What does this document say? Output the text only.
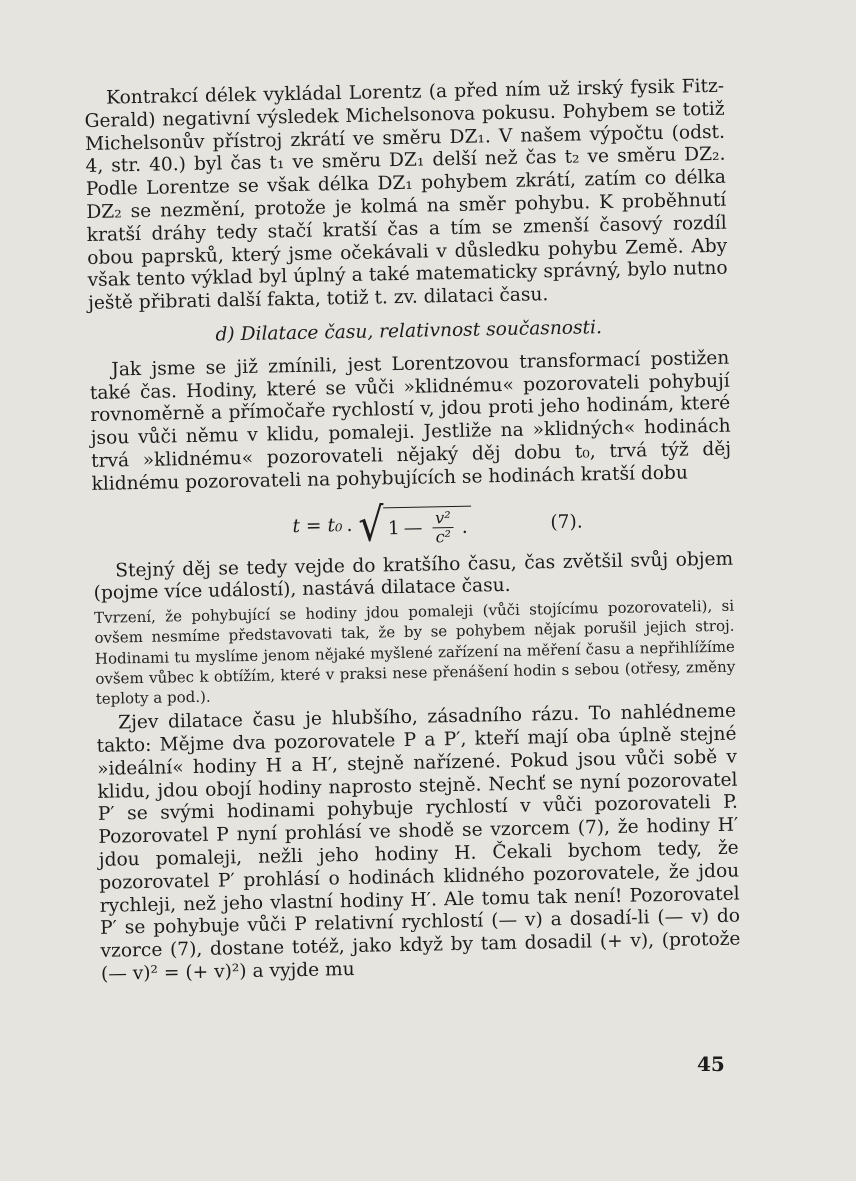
Kontrakcí délek vykládal Lorentz (a před ním už irský fysik Fitz-Gerald) negativní výsledek Michelsonova pokusu. Pohybem se totiž Michelsonův přístroj zkrátí ve směru DZ₁. V našem výpočtu (odst. 4, str. 40.) byl čas t₁ ve směru DZ₁ delší než čas t₂ ve směru DZ₂. Podle Lorentze se však délka DZ₁ pohybem zkrátí, zatím co délka DZ₂ se nezmění, protože je kolmá na směr pohybu. K proběhnutí kratší dráhy tedy stačí kratší čas a tím se zmenší časový rozdíl obou paprsků, který jsme očekávali v důsledku pohybu Země. Aby však tento výklad byl úplný a také matematicky správný, bylo nutno ještě přibrati další fakta, totiž t. zv. dilataci času.

d) Dilatace času, relativnost současnosti.

Jak jsme se již zmínili, jest Lorentzovou transformací postižen také čas. Hodiny, které se vůči »klidnému« pozorovateli pohybují rovnoměrně a přímočaře rychlostí v, jdou proti jeho hodinám, které jsou vůči němu v klidu, pomaleji. Jestliže na »klidných« hodinách trvá »klidnému« pozorovateli nějaký děj dobu t₀, trvá týž děj klidnému pozorovateli na pohybujících se hodinách kratší dobu

t = t₀ . √ 1 — $\frac{\text{v²}}{\text{c²}}$ .	(7).

Stejný děj se tedy vejde do kratšího času, čas zvětšil svůj objem (pojme více událostí), nastává dilatace času.

Tvrzení, že pohybující se hodiny jdou pomaleji (vůči stojícímu pozorovateli), si ovšem nesmíme představovati tak, že by se pohybem nějak porušil jejich stroj. Hodinami tu myslíme jenom nějaké myšlené zařízení na měření času a nepřihlížíme ovšem vůbec k obtížím, které v praksi nese přenášení hodin s sebou (otřesy, změny teploty a pod.).

Zjev dilatace času je hlubšího, zásadního rázu. To nahlédneme takto: Mějme dva pozorovatele P a P′, kteří mají oba úplně stejné »ideální« hodiny H a H′, stejně nařízené. Pokud jsou vůči sobě v klidu, jdou obojí hodiny naprosto stejně. Nechť se nyní pozorovatel P′ se svými hodinami pohybuje rychlostí v vůči pozorovateli P. Pozorovatel P nyní prohlásí ve shodě se vzorcem (7), že hodiny H′ jdou pomaleji, nežli jeho hodiny H. Čekali bychom tedy, že pozorovatel P′ prohlásí o hodinách klidného pozorovatele, že jdou rychleji, než jeho vlastní hodiny H′. Ale tomu tak není! Pozorovatel P′ se pohybuje vůči P relativní rychlostí (— v) a dosadí-li (— v) do vzorce (7), dostane totéž, jako když by tam dosadil (+ v), (protože (— v)² = (+ v)²) a vyjde mu

45
